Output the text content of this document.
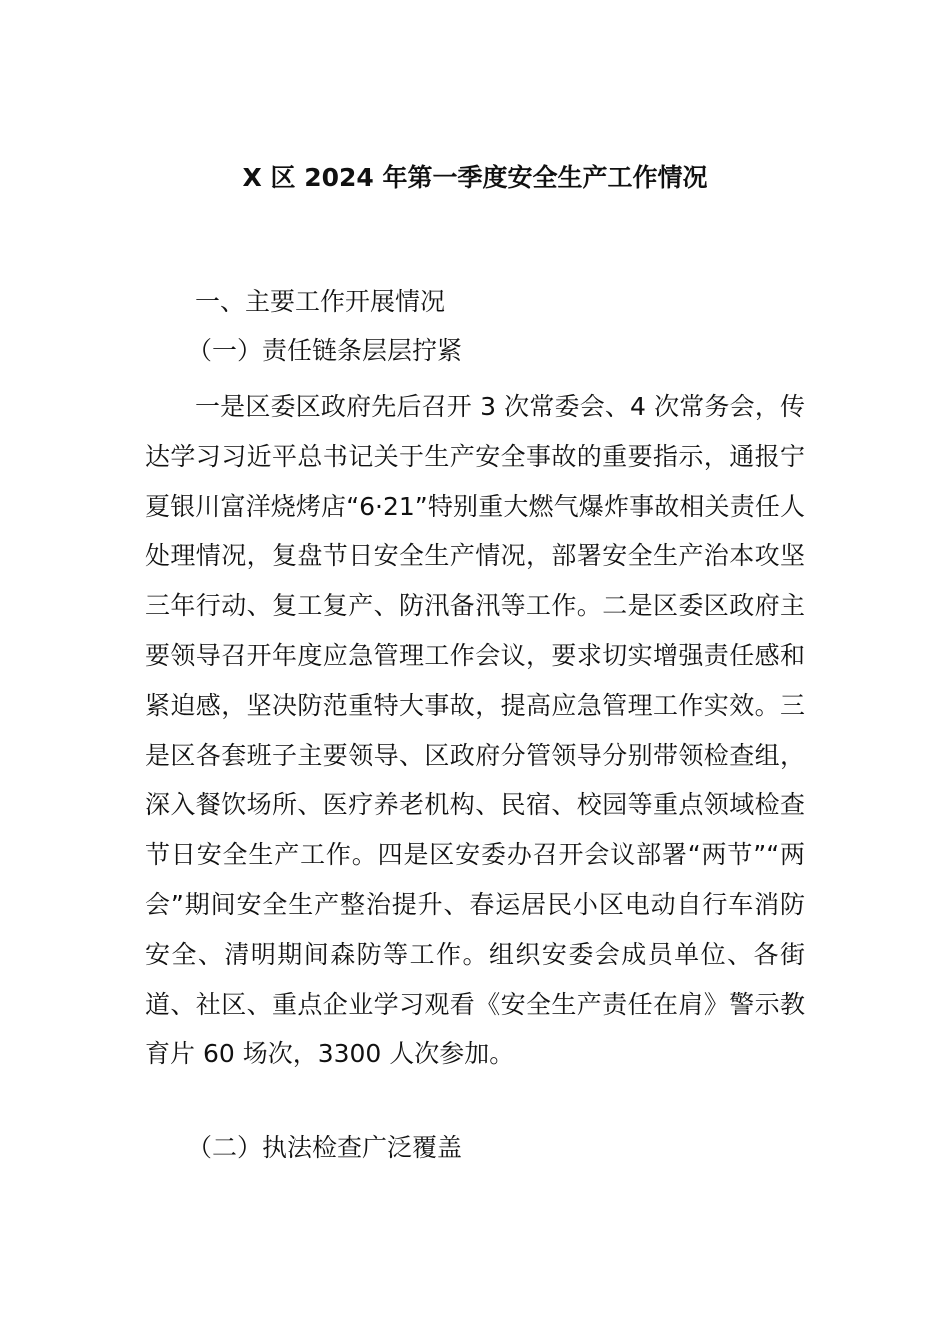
X 区 2024 年第一季度安全生产工作情况

一、主要工作开展情况

（一）责任链条层层拧紧

一是区委区政府先后召开 3 次常委会、4 次常务会，传达学习习近平总书记关于生产安全事故的重要指示，通报宁夏银川富洋烧烤店“6·21”特别重大燃气爆炸事故相关责任人处理情况，复盘节日安全生产情况，部署安全生产治本攻坚三年行动、复工复产、防汛备汛等工作。二是区委区政府主要领导召开年度应急管理工作会议，要求切实增强责任感和紧迫感，坚决防范重特大事故，提高应急管理工作实效。三是区各套班子主要领导、区政府分管领导分别带领检查组，深入餐饮场所、医疗养老机构、民宿、校园等重点领域检查节日安全生产工作。四是区安委办召开会议部署“两节”“两会”期间安全生产整治提升、春运居民小区电动自行车消防安全、清明期间森防等工作。组织安委会成员单位、各街道、社区、重点企业学习观看《安全生产责任在肩》警示教育片 60 场次，3300 人次参加。

（二）执法检查广泛覆盖
